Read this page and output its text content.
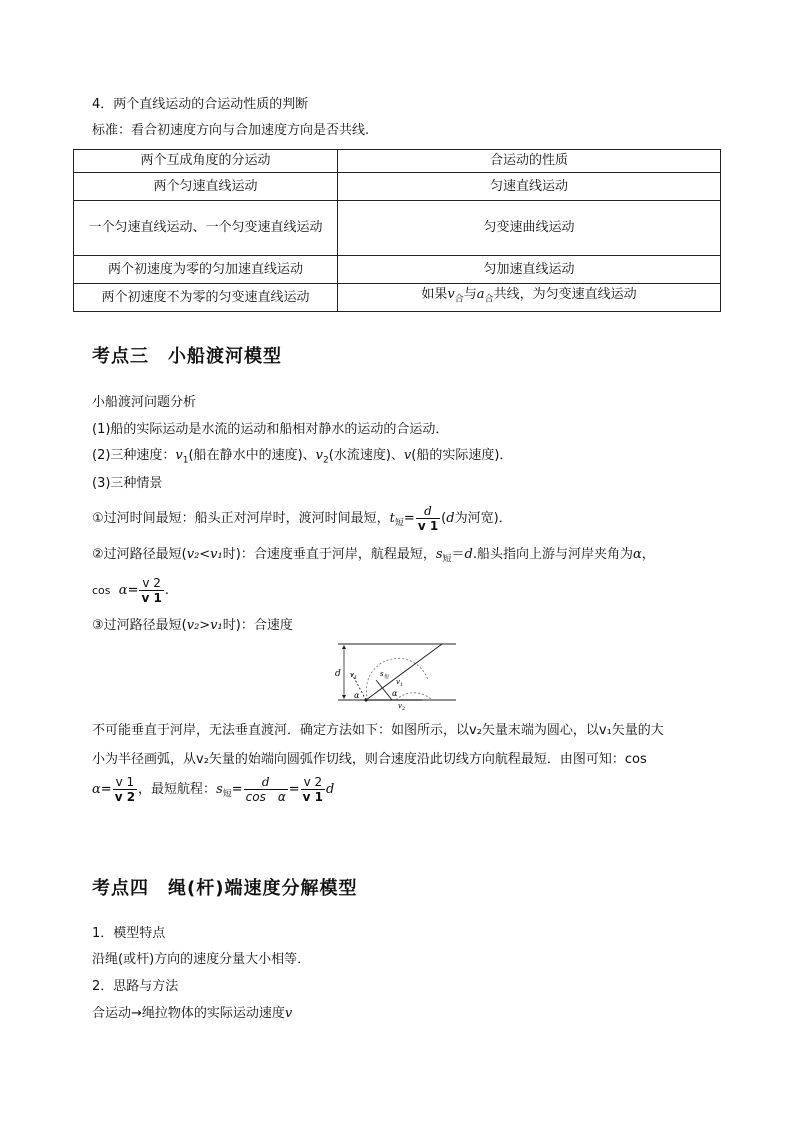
4．两个直线运动的合运动性质的判断
标准：看合初速度方向与合加速度方向是否共线.
两个互成角度的分运动	合运动的性质
两个匀速直线运动	匀速直线运动
一个匀速直线运动、一个匀变速直线运动	匀变速曲线运动
两个初速度为零的匀加速直线运动	匀加速直线运动
两个初速度不为零的匀变速直线运动	如果$v_合$与$a_合$共线，为匀变速直线运动
考点三　小船渡河模型
小船渡河问题分析
(1)船的实际运动是水流的运动和船相对静水的运动的合运动．
(2)三种速度：$v_1$(船在静水中的速度)、$v_2$(水流速度)、v(船的实际速度)．
(3)三种情景
①过河时间最短：船头正对河岸时，渡河时间最短，$t_短= \frac{d}{v 1} (d$为河宽)．
②过河路径最短(v₂<v₁时)：合速度垂直于河岸，航程最短，$s_短=d$.船头指向上游与河岸夹角为α，
$\cos \alpha= \frac{v 2}{v 1}$ .
③过河路径最短(v₂>v₁时)：合速度
d $v_1$	$s_短$
$v_1$
$v_2$
α	α
不可能垂直于河岸，无法垂直渡河．确定方法如下：如图所示，以v₂矢量末端为圆心，以v₁矢量的大
小为半径画弧，从v₂矢量的始端向圆弧作切线，则合速度沿此切线方向航程最短．由图可知：cos
$\alpha= \frac{v 1}{v 2}$ ，最短航程：$s_短= \frac{d}{\text{cos　α}} = \frac{v 2}{v 1}$ d
考点四　绳(杆)端速度分解模型
1．模型特点
沿绳(或杆)方向的速度分量大小相等．
2．思路与方法
合运动→绳拉物体的实际运动速度v
